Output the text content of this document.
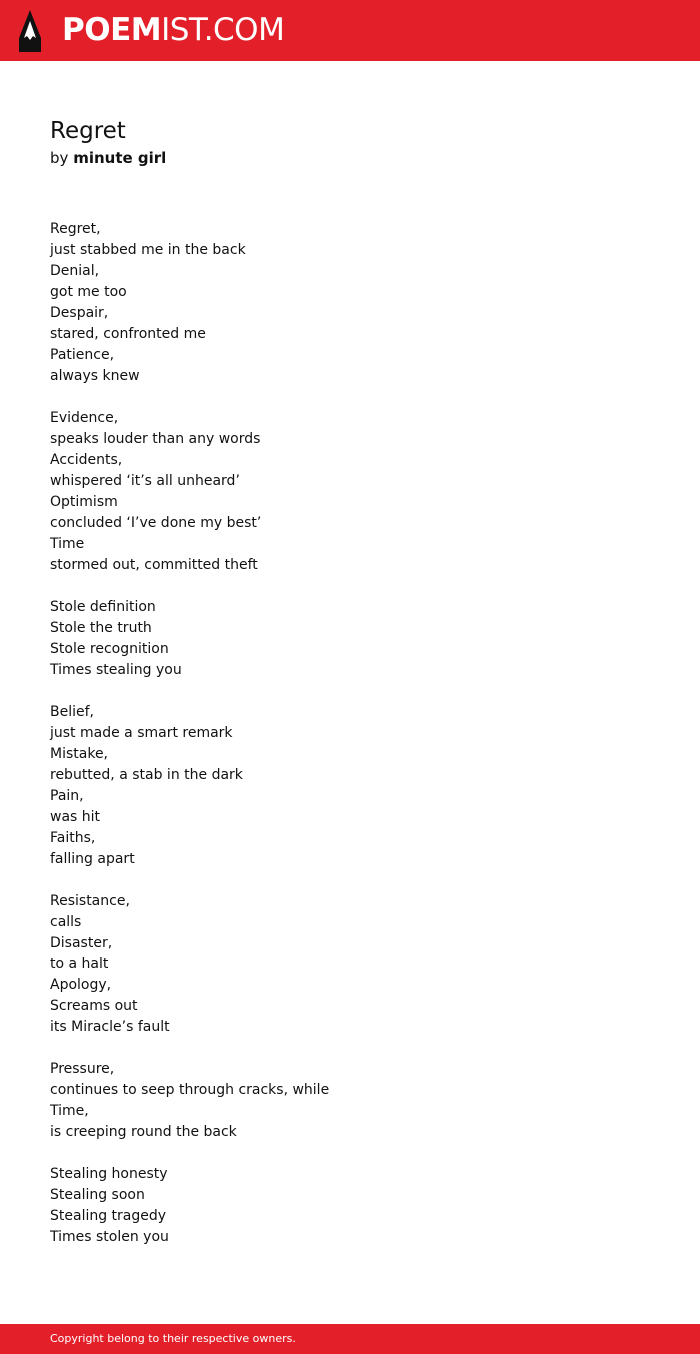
POEMIST.COM
Regret
by minute girl
Regret,
just stabbed me in the back
Denial,
got me too
Despair,
stared, confronted me
Patience,
always knew
Evidence,
speaks louder than any words
Accidents,
whispered ‘it’s all unheard’
Optimism
concluded ‘I’ve done my best’
Time
stormed out, committed theft
Stole definition
Stole the truth
Stole recognition
Times stealing you
Belief,
just made a smart remark
Mistake,
rebutted, a stab in the dark
Pain,
was hit
Faiths,
falling apart
Resistance,
calls
Disaster,
to a halt
Apology,
Screams out
its Miracle’s fault
Pressure,
continues to seep through cracks, while
Time,
is creeping round the back
Stealing honesty
Stealing soon
Stealing tragedy
Times stolen you
Copyright belong to their respective owners.
